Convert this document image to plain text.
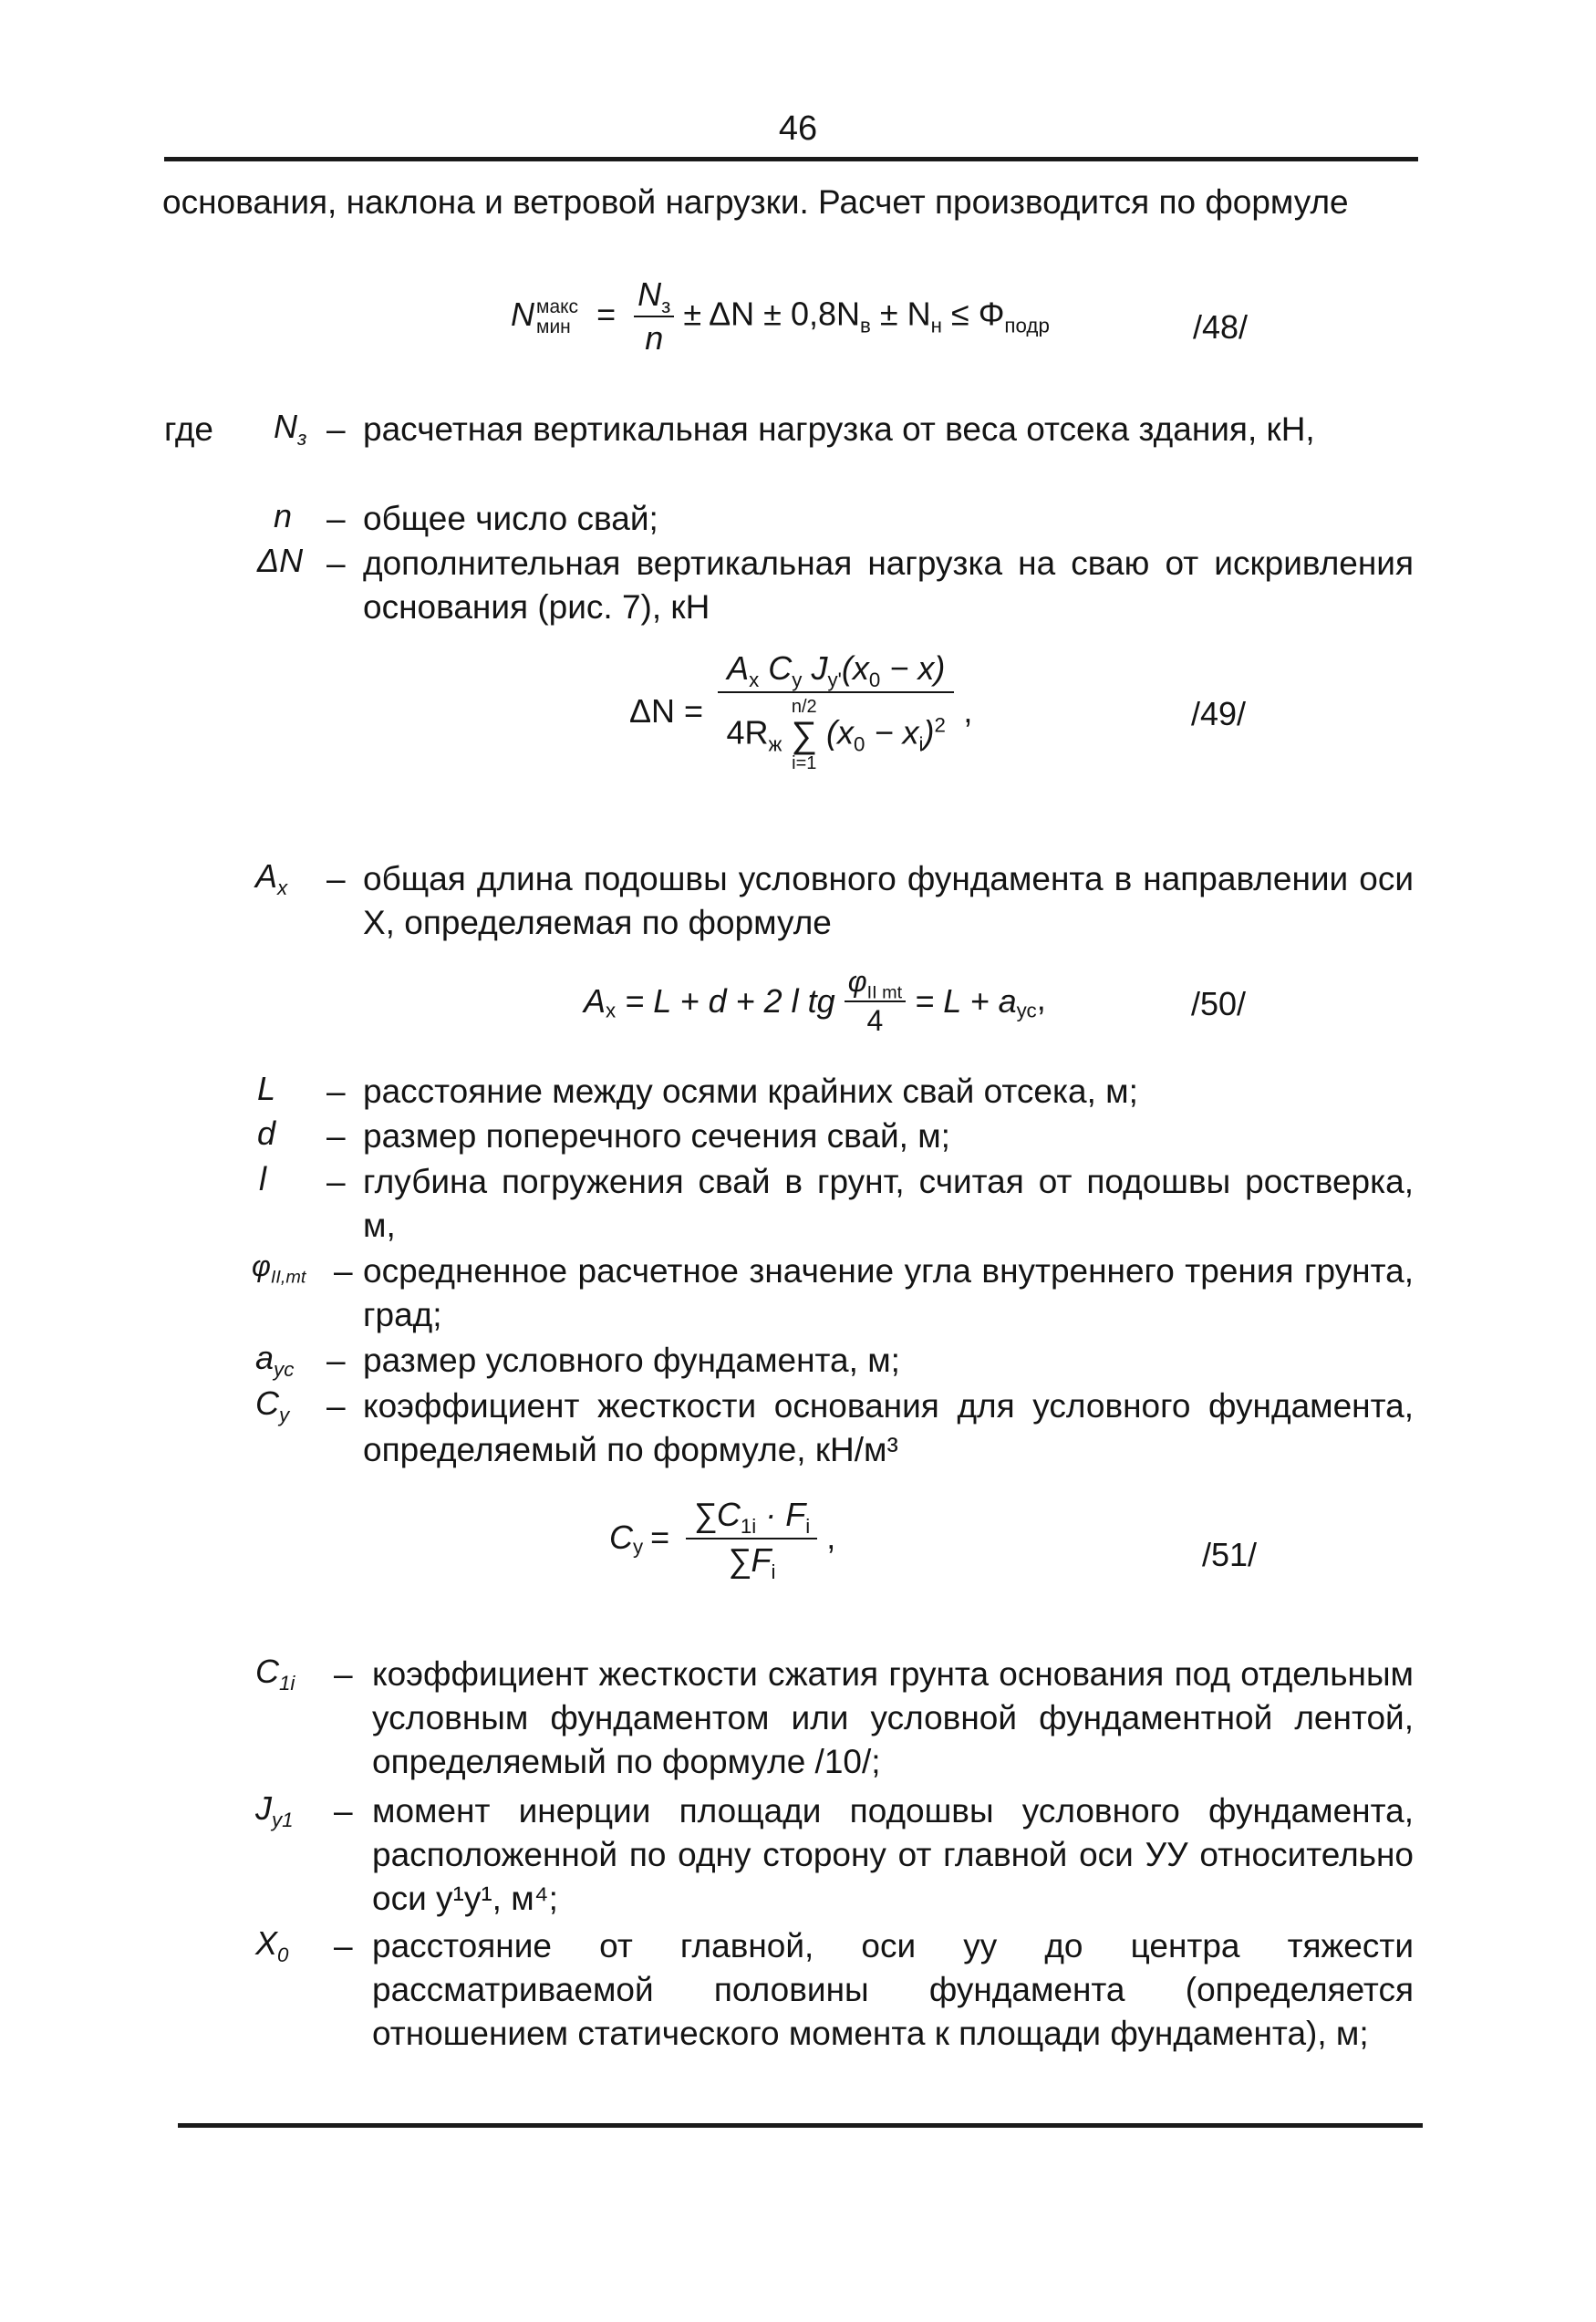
46

основания, наклона и ветровой нагрузки. Расчет производится по формуле

N макс
мин = $\frac{N_з}{n} \pm \Delta N \pm 0,8N_в \pm N_н \le \Phi_{подр}$	/48/
где $N_з$ – расчетная вертикальная нагрузка от веса отсека здания, кН,
n – общее число свай;
ΔN – дополнительная вертикальная нагрузка на сваю от искривления основания (рис. 7), кН
ΔN =
$A_x$ $C_y$ $J_{y'}(x_0 - x)$
$4R_ж$
n/2
∑
i=1
$(x_0 - x_i)^2$ ,	/49/
$A_x$ – общая длина подошвы условного фундамента в направлении оси X, определяемая по формуле
$A_x = L + d + 2$ l tg $\frac{\varphi_{II mt}}{4} = L + a_{ус}$,	/50/
L – расстояние между осями крайних свай отсека, м;
d – размер поперечного сечения свай, м;
l – глубина погружения свай в грунт, считая от подошвы ростверка, м,
$\varphi_{II,mt}$ – осредненное расчетное значение угла внутреннего трения грунта, град;
$a_{ус}$ – размер условного фундамента, м;
$C_y$ – коэффициент жесткости основания для условного фундамента, определяемый по формуле, кН/м³
$C_y = \frac{\sum C_{1i} \cdot F_i}{\sum F_i}$ ,	/51/
$C_{1i}$ – коэффициент жесткости сжатия грунта основания под отдельным условным фундаментом или условной фундаментной лентой, определяемый по формуле /10/;
$J_{y1}$ – момент инерции площади подошвы условного фундамента, расположенной по одну сторону от главной оси УУ относительно оси y¹y¹, м⁴;
$X_0$ – расстояние от главной, оси уу до центра тяжести рассматриваемой половины фундамента (определяется отношением статического момента к площади фундамента), м;
